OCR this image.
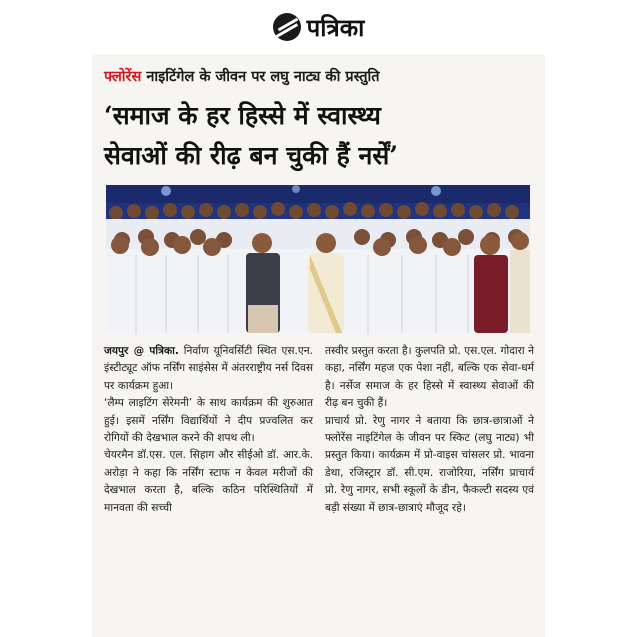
पत्रिका
फ्लोरेंस नाइटिंगेल के जीवन पर लघु नाट्य की प्रस्तुति
‘समाज के हर हिस्से में स्वास्थ्य
सेवाओं की रीढ़ बन चुकी हैं नर्सें’

जयपुर @ पत्रिका. निर्वाण यूनिवर्सिटी स्थित एस.एन. इंस्टीट्यूट ऑफ नर्सिंग साइंसेस में अंतरराष्ट्रीय नर्स दिवस पर कार्यक्रम हुआ।

‘लैम्प लाइटिंग सेरेमनी’ के साथ कार्यक्रम की शुरुआत हुई। इसमें नर्सिंग विद्यार्थियों ने दीप प्रज्वलित कर रोगियों की देखभाल करने की शपथ ली।

चेयरमैन डॉ.एस. एल. सिहाग और सीईओ डॉ. आर.के. अरोड़ा ने कहा कि नर्सिंग स्टाफ न केवल मरीजों की देखभाल करता है, बल्कि कठिन परिस्थितियों में मानवता की सच्ची

तस्वीर प्रस्तुत करता है। कुलपति प्रो. एस.एल. गोदारा ने कहा, नर्सिंग महज एक पेशा नहीं, बल्कि एक सेवा-धर्म है। नर्सेज समाज के हर हिस्से में स्वास्थ्य सेवाओं की रीढ़ बन चुकी हैं।

प्राचार्य प्रो. रेणु नागर ने बताया कि छात्र-छात्राओं ने फ्लोरेंस नाइटिंगेल के जीवन पर स्किट (लघु नाट्य) भी प्रस्तुत किया। कार्यक्रम में प्रो-वाइस चांसलर प्रो. भावना डेथा, रजिस्ट्रार डॉ. सी.एम. राजोरिया, नर्सिंग प्राचार्य प्रो. रेणु नागर, सभी स्कूलों के डीन, फैकल्टी सदस्य एवं बड़ी संख्या में छात्र-छात्राएं मौजूद रहे।
